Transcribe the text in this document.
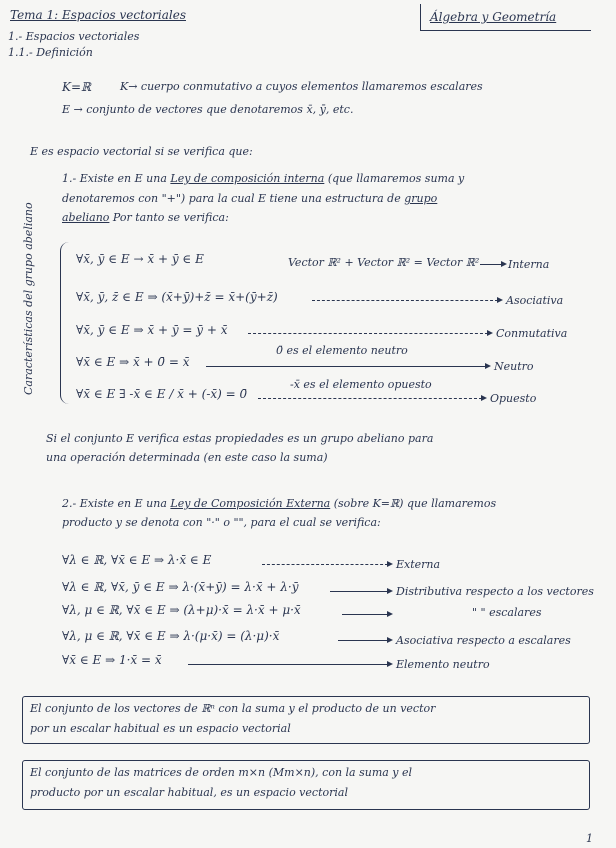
Tema 1: Espacios vectoriales	Álgebra y Geometría
1.- Espacios vectoriales
1.1.- Definición
K=ℝ	K→ cuerpo conmutativo a cuyos elementos llamaremos escalares
E → conjunto de vectores que denotaremos x̄, ȳ, etc.
E es espacio vectorial si se verifica que:
1.- Existe en E una Ley de composición interna (que llamaremos suma y
denotaremos con "+") para la cual E tiene una estructura de grupo
abeliano Por tanto se verifica:
Características del grupo abeliano	∀x̄, ȳ ∈ E → x̄ + ȳ ∈ E	Vector ℝ² + Vector ℝ² = Vector ℝ²	Interna
∀x̄, ȳ, z̄ ∈ E ⇒ (x̄+ȳ)+z̄ = x̄+(ȳ+z̄)	Asociativa
∀x̄, ȳ ∈ E ⇒ x̄ + ȳ = ȳ + x̄	Conmutativa
0̄ es el elemento neutro
∀x̄ ∈ E ⇒ x̄ + 0̄ = x̄	Neutro
-x̄ es el elemento opuesto
∀x̄ ∈ E ∃ -x̄ ∈ E / x̄ + (-x̄) = 0̄	Opuesto
Si el conjunto E verifica estas propiedades es un grupo abeliano para
una operación determinada (en este caso la suma)
2.- Existe en E una Ley de Composición Externa (sobre K=ℝ) que llamaremos
producto y se denota con "·" o "", para el cual se verifica:
∀λ ∈ ℝ, ∀x̄ ∈ E ⇒ λ·x̄ ∈ E	Externa
∀λ ∈ ℝ, ∀x̄, ȳ ∈ E ⇒ λ·(x̄+ȳ) = λ·x̄ + λ·ȳ	Distributiva respecto a los vectores
∀λ, μ ∈ ℝ, ∀x̄ ∈ E ⇒ (λ+μ)·x̄ = λ·x̄ + μ·x̄	" " escalares
∀λ, μ ∈ ℝ, ∀x̄ ∈ E ⇒ λ·(μ·x̄) = (λ·μ)·x̄	Asociativa respecto a escalares
∀x̄ ∈ E ⇒ 1·x̄ = x̄	Elemento neutro
El conjunto de los vectores de ℝⁿ con la suma y el producto de un vector
por un escalar habitual es un espacio vectorial
El conjunto de las matrices de orden m×n (Mm×n), con la suma y el
producto por un escalar habitual, es un espacio vectorial
1
